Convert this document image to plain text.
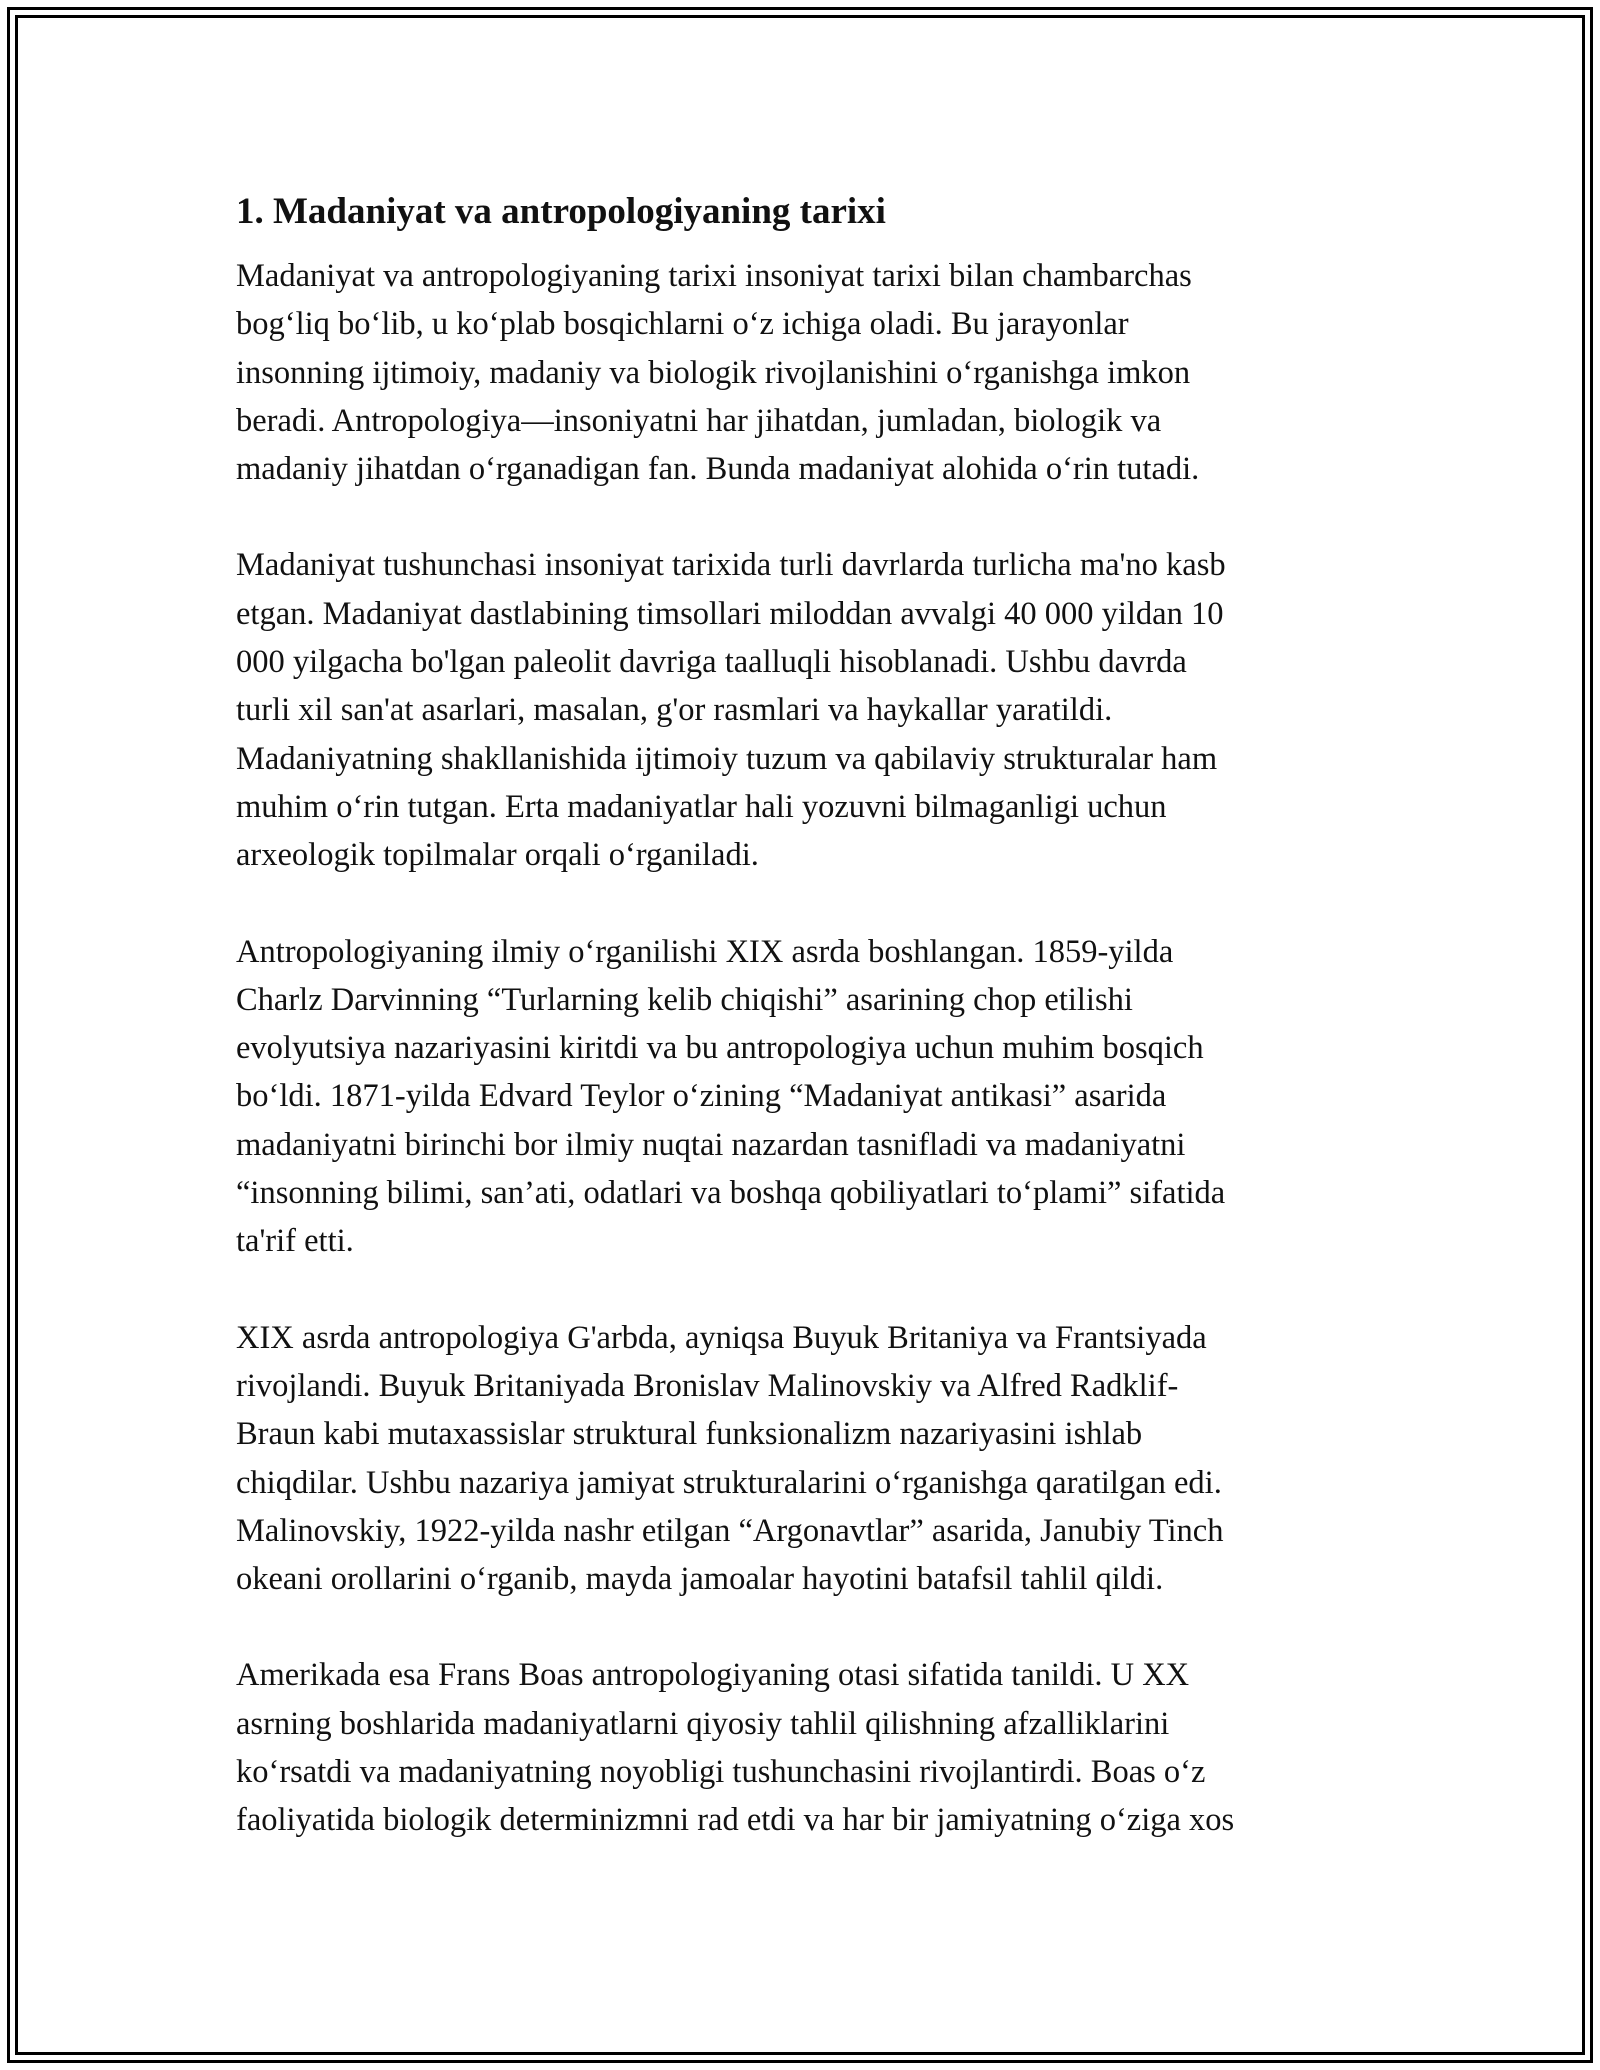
1. Madaniyat va antropologiyaning tarixi

Madaniyat va antropologiyaning tarixi insoniyat tarixi bilan chambarchas
bog‘liq bo‘lib, u ko‘plab bosqichlarni o‘z ichiga oladi. Bu jarayonlar
insonning ijtimoiy, madaniy va biologik rivojlanishini o‘rganishga imkon
beradi. Antropologiya—insoniyatni har jihatdan, jumladan, biologik va
madaniy jihatdan o‘rganadigan fan. Bunda madaniyat alohida o‘rin tutadi.

Madaniyat tushunchasi insoniyat tarixida turli davrlarda turlicha ma'no kasb
etgan. Madaniyat dastlabining timsollari miloddan avvalgi 40 000 yildan 10
000 yilgacha bo'lgan paleolit davriga taalluqli hisoblanadi. Ushbu davrda
turli xil san'at asarlari, masalan, g'or rasmlari va haykallar yaratildi.
Madaniyatning shakllanishida ijtimoiy tuzum va qabilaviy strukturalar ham
muhim o‘rin tutgan. Erta madaniyatlar hali yozuvni bilmaganligi uchun
arxeologik topilmalar orqali o‘rganiladi.

Antropologiyaning ilmiy o‘rganilishi XIX asrda boshlangan. 1859-yilda
Charlz Darvinning “Turlarning kelib chiqishi” asarining chop etilishi
evolyutsiya nazariyasini kiritdi va bu antropologiya uchun muhim bosqich
bo‘ldi. 1871-yilda Edvard Teylor o‘zining “Madaniyat antikasi” asarida
madaniyatni birinchi bor ilmiy nuqtai nazardan tasnifladi va madaniyatni
“insonning bilimi, san’ati, odatlari va boshqa qobiliyatlari to‘plami” sifatida
ta'rif etti.

XIX asrda antropologiya G'arbda, ayniqsa Buyuk Britaniya va Frantsiyada
rivojlandi. Buyuk Britaniyada Bronislav Malinovskiy va Alfred Radklif-
Braun kabi mutaxassislar struktural funksionalizm nazariyasini ishlab
chiqdilar. Ushbu nazariya jamiyat strukturalarini o‘rganishga qaratilgan edi.
Malinovskiy, 1922-yilda nashr etilgan “Argonavtlar” asarida, Janubiy Tinch
okeani orollarini o‘rganib, mayda jamoalar hayotini batafsil tahlil qildi.

Amerikada esa Frans Boas antropologiyaning otasi sifatida tanildi. U XX
asrning boshlarida madaniyatlarni qiyosiy tahlil qilishning afzalliklarini
ko‘rsatdi va madaniyatning noyobligi tushunchasini rivojlantirdi. Boas o‘z
faoliyatida biologik determinizmni rad etdi va har bir jamiyatning o‘ziga xos
